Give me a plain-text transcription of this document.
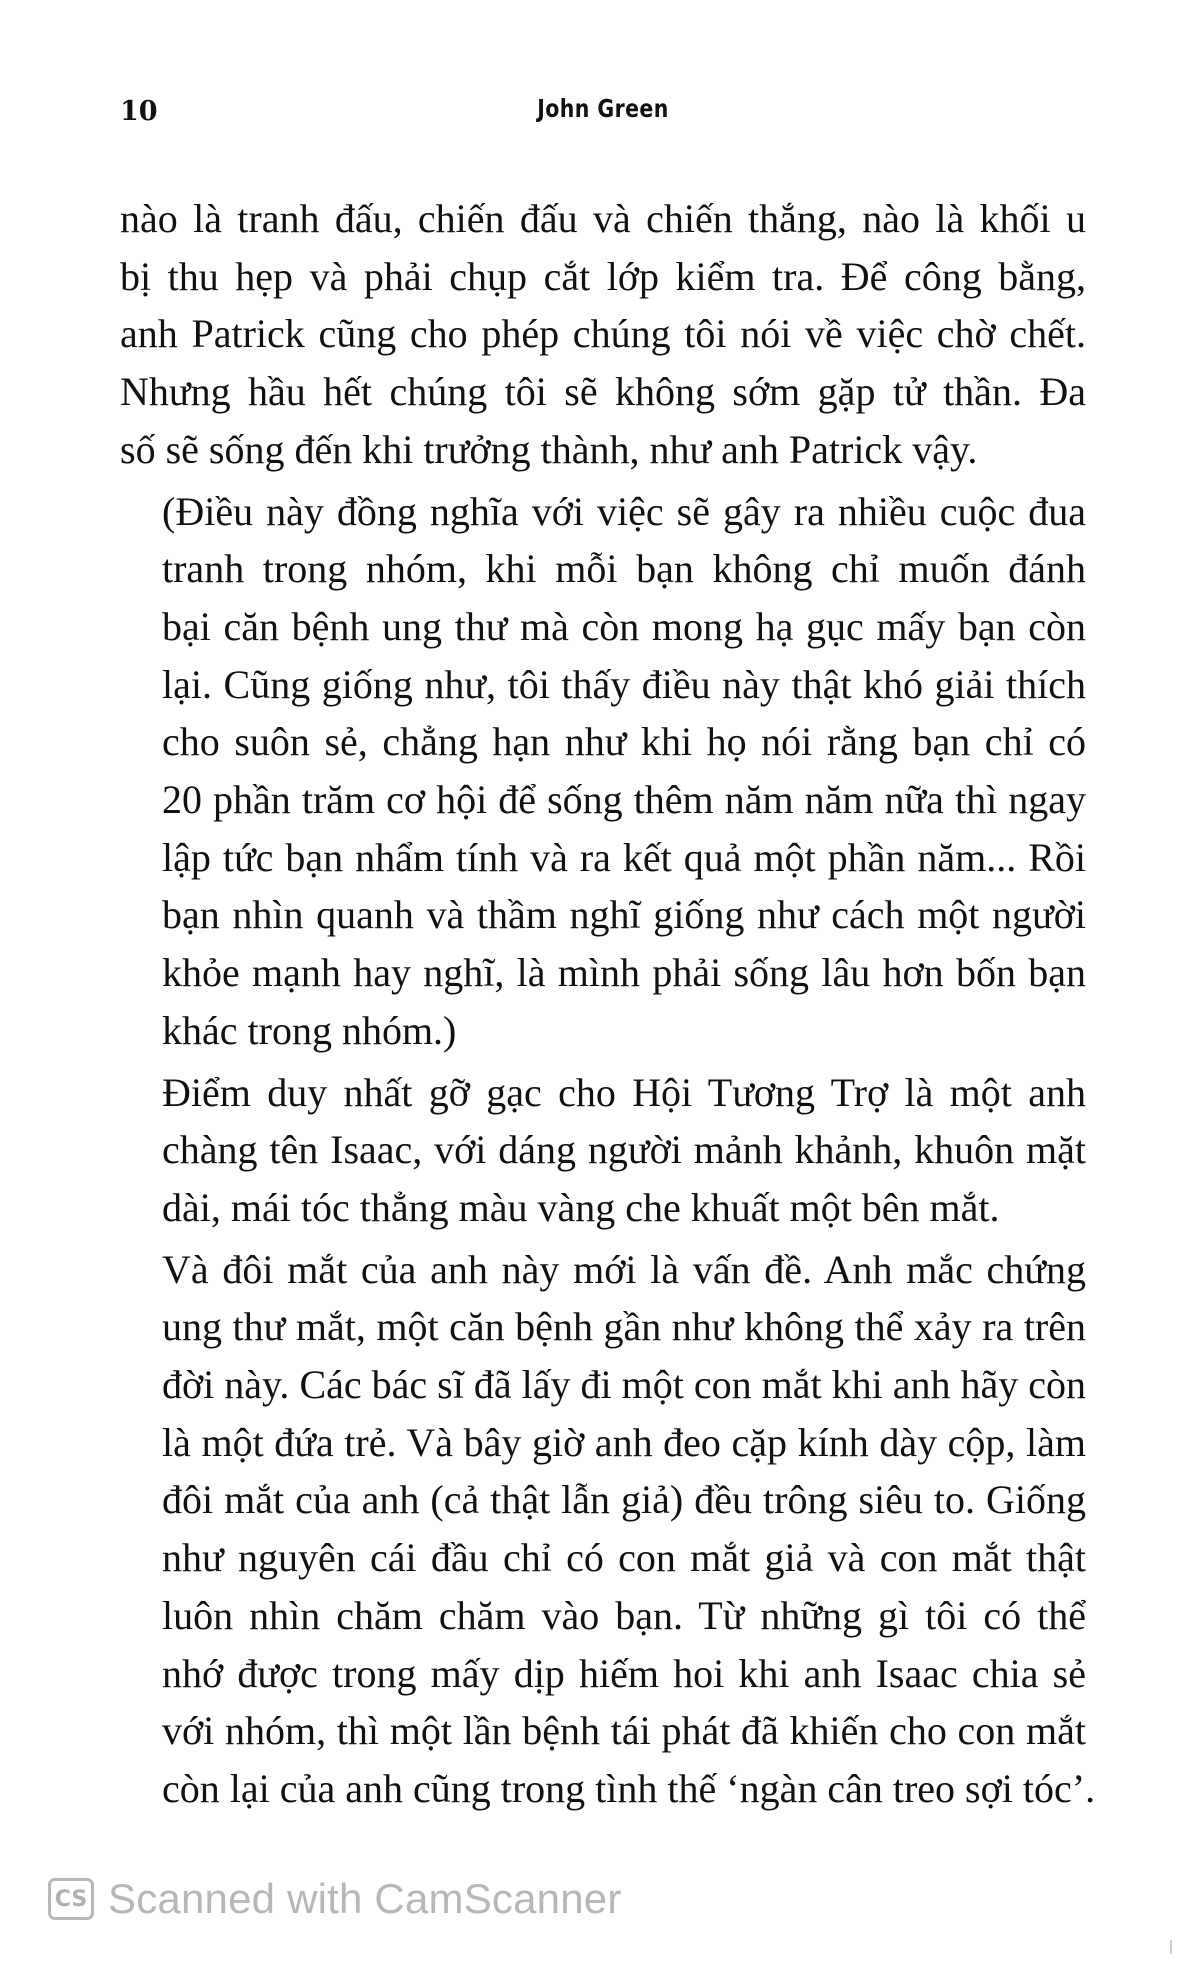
10	John Green
nào là tranh đấu, chiến đấu và chiến thắng, nào là khối u
bị thu hẹp và phải chụp cắt lớp kiểm tra. Để công bằng,
anh Patrick cũng cho phép chúng tôi nói về việc chờ chết.
Nhưng hầu hết chúng tôi sẽ không sớm gặp tử thần. Đa
số sẽ sống đến khi trưởng thành, như anh Patrick vậy.
(Điều này đồng nghĩa với việc sẽ gây ra nhiều cuộc đua
tranh trong nhóm, khi mỗi bạn không chỉ muốn đánh
bại căn bệnh ung thư mà còn mong hạ gục mấy bạn còn
lại. Cũng giống như, tôi thấy điều này thật khó giải thích
cho suôn sẻ, chẳng hạn như khi họ nói rằng bạn chỉ có
20 phần trăm cơ hội để sống thêm năm năm nữa thì ngay
lập tức bạn nhẩm tính và ra kết quả một phần năm... Rồi
bạn nhìn quanh và thầm nghĩ giống như cách một người
khỏe mạnh hay nghĩ, là mình phải sống lâu hơn bốn bạn
khác trong nhóm.)
Điểm duy nhất gỡ gạc cho Hội Tương Trợ là một anh
chàng tên Isaac, với dáng người mảnh khảnh, khuôn mặt
dài, mái tóc thẳng màu vàng che khuất một bên mắt.
Và đôi mắt của anh này mới là vấn đề. Anh mắc chứng
ung thư mắt, một căn bệnh gần như không thể xảy ra trên
đời này. Các bác sĩ đã lấy đi một con mắt khi anh hãy còn
là một đứa trẻ. Và bây giờ anh đeo cặp kính dày cộp, làm
đôi mắt của anh (cả thật lẫn giả) đều trông siêu to. Giống
như nguyên cái đầu chỉ có con mắt giả và con mắt thật
luôn nhìn chăm chăm vào bạn. Từ những gì tôi có thể
nhớ được trong mấy dịp hiếm hoi khi anh Isaac chia sẻ
với nhóm, thì một lần bệnh tái phát đã khiến cho con mắt
còn lại của anh cũng trong tình thế ‘ngàn cân treo sợi tóc’.
CS Scanned with CamScanner
